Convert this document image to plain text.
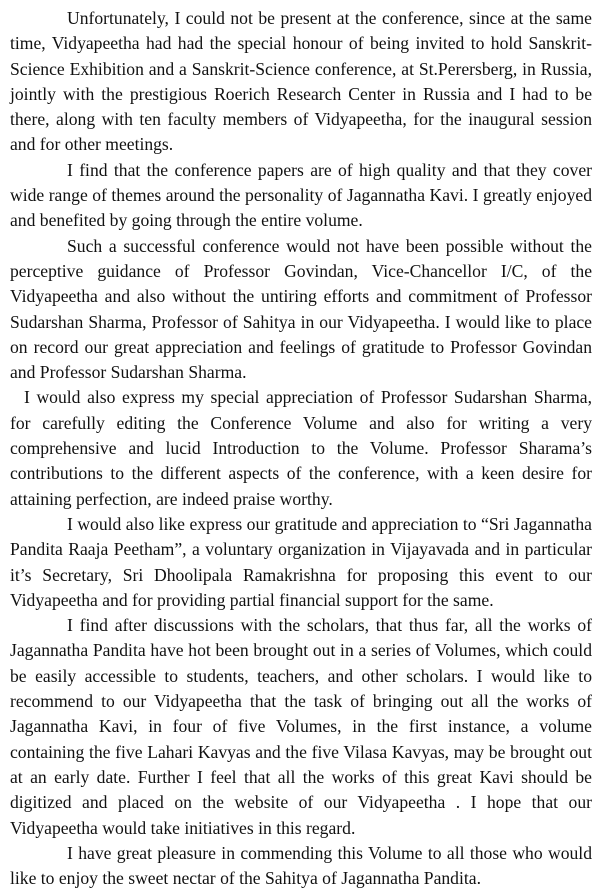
Unfortunately, I could not be present at the conference, since at the same time, Vidyapeetha had had the special honour of being invited to hold Sanskrit- Science Exhibition and a Sanskrit-Science conference, at St.Perersberg, in Russia, jointly with the prestigious Roerich Research Center in Russia and I had to be there, along with ten faculty members of Vidyapeetha, for the inaugural session and for other meetings.

I find that the conference papers are of high quality and that they cover wide range of themes around the personality of Jagannatha Kavi. I greatly enjoyed and benefited by going through the entire volume.

Such a successful conference would not have been possible without the perceptive guidance of Professor Govindan, Vice-Chancellor I/C, of the Vidyapeetha and also without the untiring efforts and commitment of Professor Sudarshan Sharma, Professor of Sahitya in our Vidyapeetha. I would like to place on record our great appreciation and feelings of gratitude to Professor Govindan and Professor Sudarshan Sharma.

I would also express my special appreciation of Professor Sudarshan Sharma, for carefully editing the Conference Volume and also for writing a very comprehensive and lucid Introduction to the Volume. Professor Sharama’s contributions to the different aspects of the conference, with a keen desire for attaining perfection, are indeed praise worthy.

I would also like express our gratitude and appreciation to “Sri Jagannatha Pandita Raaja Peetham”, a voluntary organization in Vijayavada and in particular it’s Secretary, Sri Dhoolipala Ramakrishna for proposing this event to our Vidyapeetha and for providing partial financial support for the same.

I find after discussions with the scholars, that thus far, all the works of Jagannatha Pandita have hot been brought out in a series of Volumes, which could be easily accessible to students, teachers, and other scholars. I would like to recommend to our Vidyapeetha that the task of bringing out all the works of Jagannatha Kavi, in four of five Volumes, in the first instance, a volume containing the five Lahari Kavyas and the five Vilasa Kavyas, may be brought out at an early date. Further I feel that all the works of this great Kavi should be digitized and placed on the website of our Vidyapeetha . I hope that our Vidyapeetha would take initiatives in this regard.

I have great pleasure in commending this Volume to all those who would like to enjoy the sweet nectar of the Sahitya of Jagannatha Pandita.
